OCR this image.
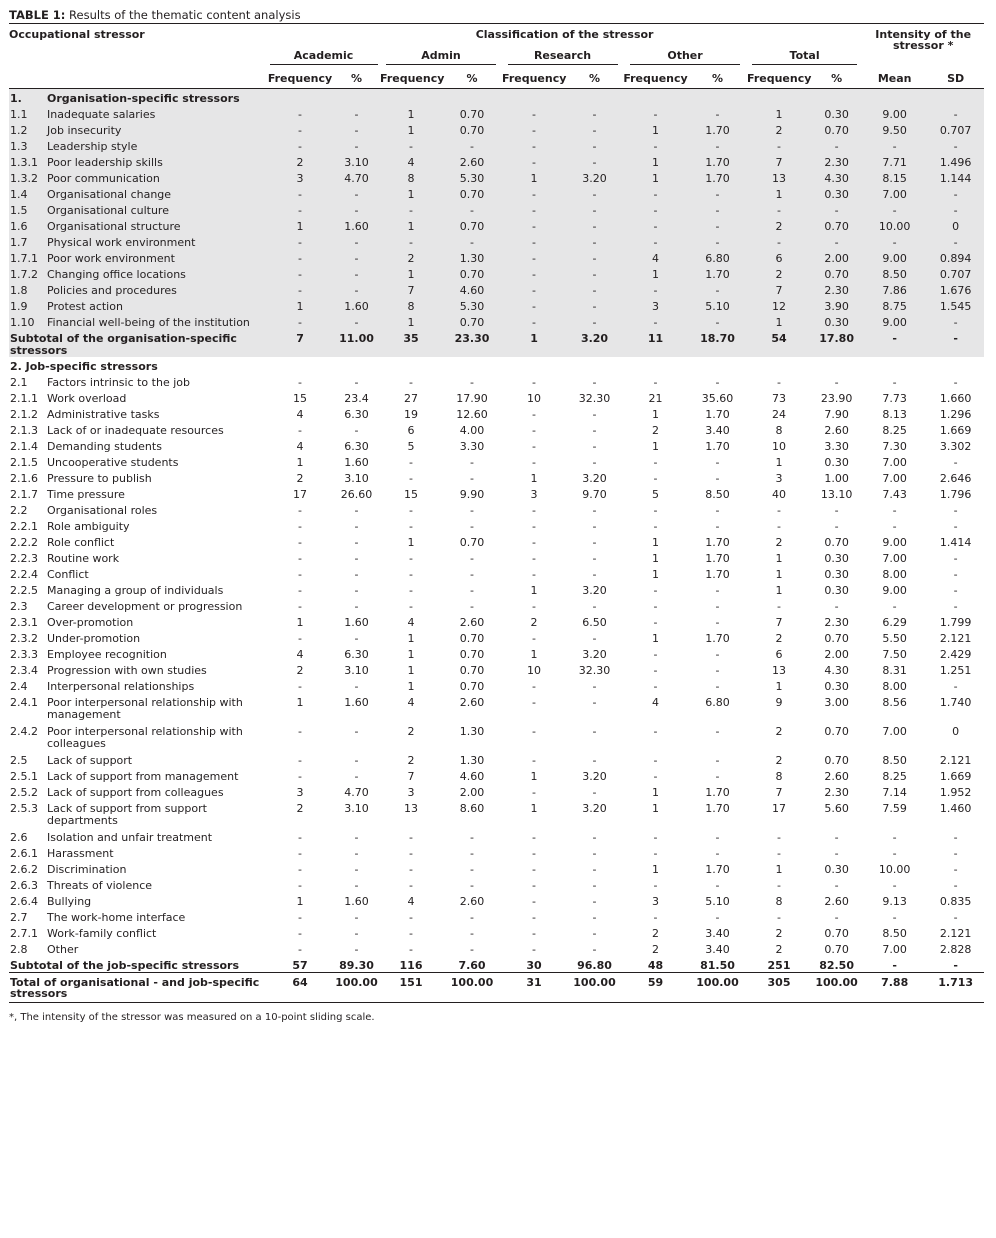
TABLE 1: Results of the thematic content analysis
Occupational stressor		Classification of the stressor										Intensity of the stressor *	
		Academic		Admin		Research		Other		Total			
		Frequency	%	Frequency	%	Frequency	%	Frequency	%	Frequency	%	Mean	SD
1.	Organisation-specific stressors												
1.1	Inadequate salaries	-	-	1	0.70	-	-	-	-	1	0.30	9.00	-
1.2	Job insecurity	-	-	1	0.70	-	-	1	1.70	2	0.70	9.50	0.707
1.3	Leadership style	-	-	-	-	-	-	-	-	-	-	-	-
1.3.1	Poor leadership skills	2	3.10	4	2.60	-	-	1	1.70	7	2.30	7.71	1.496
1.3.2	Poor communication	3	4.70	8	5.30	1	3.20	1	1.70	13	4.30	8.15	1.144
1.4	Organisational change	-	-	1	0.70	-	-	-	-	1	0.30	7.00	-
1.5	Organisational culture	-	-	-	-	-	-	-	-	-	-	-	-
1.6	Organisational structure	1	1.60	1	0.70	-	-	-	-	2	0.70	10.00	0
1.7	Physical work environment	-	-	-	-	-	-	-	-	-	-	-	-
1.7.1	Poor work environment	-	-	2	1.30	-	-	4	6.80	6	2.00	9.00	0.894
1.7.2	Changing office locations	-	-	1	0.70	-	-	1	1.70	2	0.70	8.50	0.707
1.8	Policies and procedures	-	-	7	4.60	-	-	-	-	7	2.30	7.86	1.676
1.9	Protest action	1	1.60	8	5.30	-	-	3	5.10	12	3.90	8.75	1.545
1.10	Financial well-being of the institution	-	-	1	0.70	-	-	-	-	1	0.30	9.00	-
Subtotal of the organisation-specific stressors		7	11.00	35	23.30	1	3.20	11	18.70	54	17.80	-	-
2. Job-specific stressors													
2.1	Factors intrinsic to the job	-	-	-	-	-	-	-	-	-	-	-	-
2.1.1	Work overload	15	23.4	27	17.90	10	32.30	21	35.60	73	23.90	7.73	1.660
2.1.2	Administrative tasks	4	6.30	19	12.60	-	-	1	1.70	24	7.90	8.13	1.296
2.1.3	Lack of or inadequate resources	-	-	6	4.00	-	-	2	3.40	8	2.60	8.25	1.669
2.1.4	Demanding students	4	6.30	5	3.30	-	-	1	1.70	10	3.30	7.30	3.302
2.1.5	Uncooperative students	1	1.60	-	-	-	-	-	-	1	0.30	7.00	-
2.1.6	Pressure to publish	2	3.10	-	-	1	3.20	-	-	3	1.00	7.00	2.646
2.1.7	Time pressure	17	26.60	15	9.90	3	9.70	5	8.50	40	13.10	7.43	1.796
2.2	Organisational roles	-	-	-	-	-	-	-	-	-	-	-	-
2.2.1	Role ambiguity	-	-	-	-	-	-	-	-	-	-	-	-
2.2.2	Role conflict	-	-	1	0.70	-	-	1	1.70	2	0.70	9.00	1.414
2.2.3	Routine work	-	-	-	-	-	-	1	1.70	1	0.30	7.00	-
2.2.4	Conflict	-	-	-	-	-	-	1	1.70	1	0.30	8.00	-
2.2.5	Managing a group of individuals	-	-	-	-	1	3.20	-	-	1	0.30	9.00	-
2.3	Career development or progression	-	-	-	-	-	-	-	-	-	-	-	-
2.3.1	Over-promotion	1	1.60	4	2.60	2	6.50	-	-	7	2.30	6.29	1.799
2.3.2	Under-promotion	-	-	1	0.70	-	-	1	1.70	2	0.70	5.50	2.121
2.3.3	Employee recognition	4	6.30	1	0.70	1	3.20	-	-	6	2.00	7.50	2.429
2.3.4	Progression with own studies	2	3.10	1	0.70	10	32.30	-	-	13	4.30	8.31	1.251
2.4	Interpersonal relationships	-	-	1	0.70	-	-	-	-	1	0.30	8.00	-
2.4.1	Poor interpersonal relationship with management	1	1.60	4	2.60	-	-	4	6.80	9	3.00	8.56	1.740
2.4.2	Poor interpersonal relationship with colleagues	-	-	2	1.30	-	-	-	-	2	0.70	7.00	0
2.5	Lack of support	-	-	2	1.30	-	-	-	-	2	0.70	8.50	2.121
2.5.1	Lack of support from management	-	-	7	4.60	1	3.20	-	-	8	2.60	8.25	1.669
2.5.2	Lack of support from colleagues	3	4.70	3	2.00	-	-	1	1.70	7	2.30	7.14	1.952
2.5.3	Lack of support from support departments	2	3.10	13	8.60	1	3.20	1	1.70	17	5.60	7.59	1.460
2.6	Isolation and unfair treatment	-	-	-	-	-	-	-	-	-	-	-	-
2.6.1	Harassment	-	-	-	-	-	-	-	-	-	-	-	-
2.6.2	Discrimination	-	-	-	-	-	-	1	1.70	1	0.30	10.00	-
2.6.3	Threats of violence	-	-	-	-	-	-	-	-	-	-	-	-
2.6.4	Bullying	1	1.60	4	2.60	-	-	3	5.10	8	2.60	9.13	0.835
2.7	The work-home interface	-	-	-	-	-	-	-	-	-	-	-	-
2.7.1	Work-family conflict	-	-	-	-	-	-	2	3.40	2	0.70	8.50	2.121
2.8	Other	-	-	-	-	-	-	2	3.40	2	0.70	7.00	2.828
Subtotal of the job-specific stressors		57	89.30	116	7.60	30	96.80	48	81.50	251	82.50	-	-
Total of organisational - and job-specific stressors		64	100.00	151	100.00	31	100.00	59	100.00	305	100.00	7.88	1.713
*, The intensity of the stressor was measured on a 10-point sliding scale.
